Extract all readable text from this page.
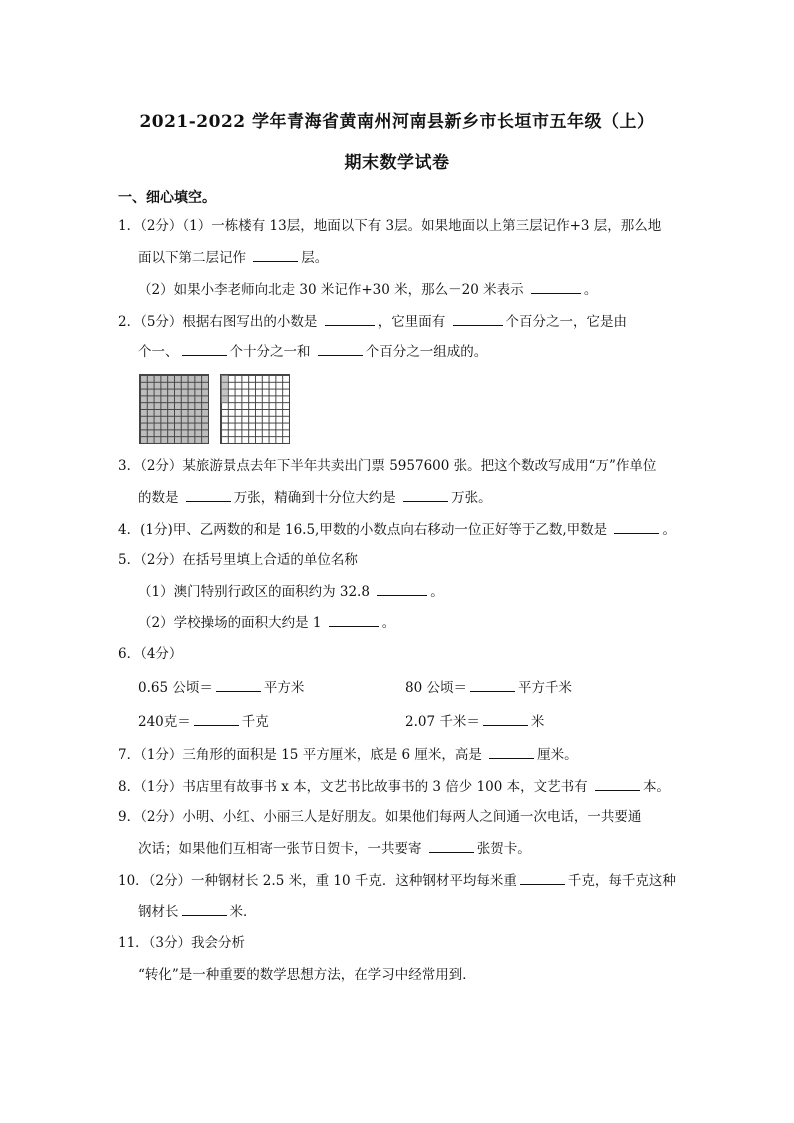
2021-2022 学年青海省黄南州河南县新乡市长垣市五年级（上）
期末数学试卷
一、细心填空。
1．（2分）（1）一栋楼有 13层，地面以下有 3层。如果地面以上第三层记作+3 层，那么地
面以下第二层记作	层。
（2）如果小李老师向北走 30 米记作+30 米，那么－20 米表示	。
2．（5分）根据右图写出的小数是	，它里面有	个百分之一，它是由
个一、	个十分之一和	个百分之一组成的。
3．（2分）某旅游景点去年下半年共卖出门票 5957600 张。把这个数改写成用“万”作单位
的数是	万张，精确到十分位大约是	万张。
4．(1分)甲、乙两数的和是 16.5,甲数的小数点向右移动一位正好等于乙数,甲数是	。
5．（2分）在括号里填上合适的单位名称
（1）澳门特别行政区的面积约为 32.8	。
（2）学校操场的面积大约是 1	。
6．（4分）
0.65 公顷＝	平方米	80 公顷＝	平方千米
240克＝	千克	2.07 千米＝	米
7．（1分）三角形的面积是 15 平方厘米，底是 6 厘米，高是	厘米。
8．（1分）书店里有故事书 x 本，文艺书比故事书的 3 倍少 100 本，文艺书有	本。
9．（2分）小明、小红、小丽三人是好朋友。如果他们每两人之间通一次电话，一共要通
次话；如果他们互相寄一张节日贺卡，一共要寄	张贺卡。
10．（2分）一种钢材长 2.5 米，重 10 千克．这种钢材平均每米重	千克，每千克这种
钢材长	米．
11．（3分）我会分析
“转化”是一种重要的数学思想方法，在学习中经常用到．
